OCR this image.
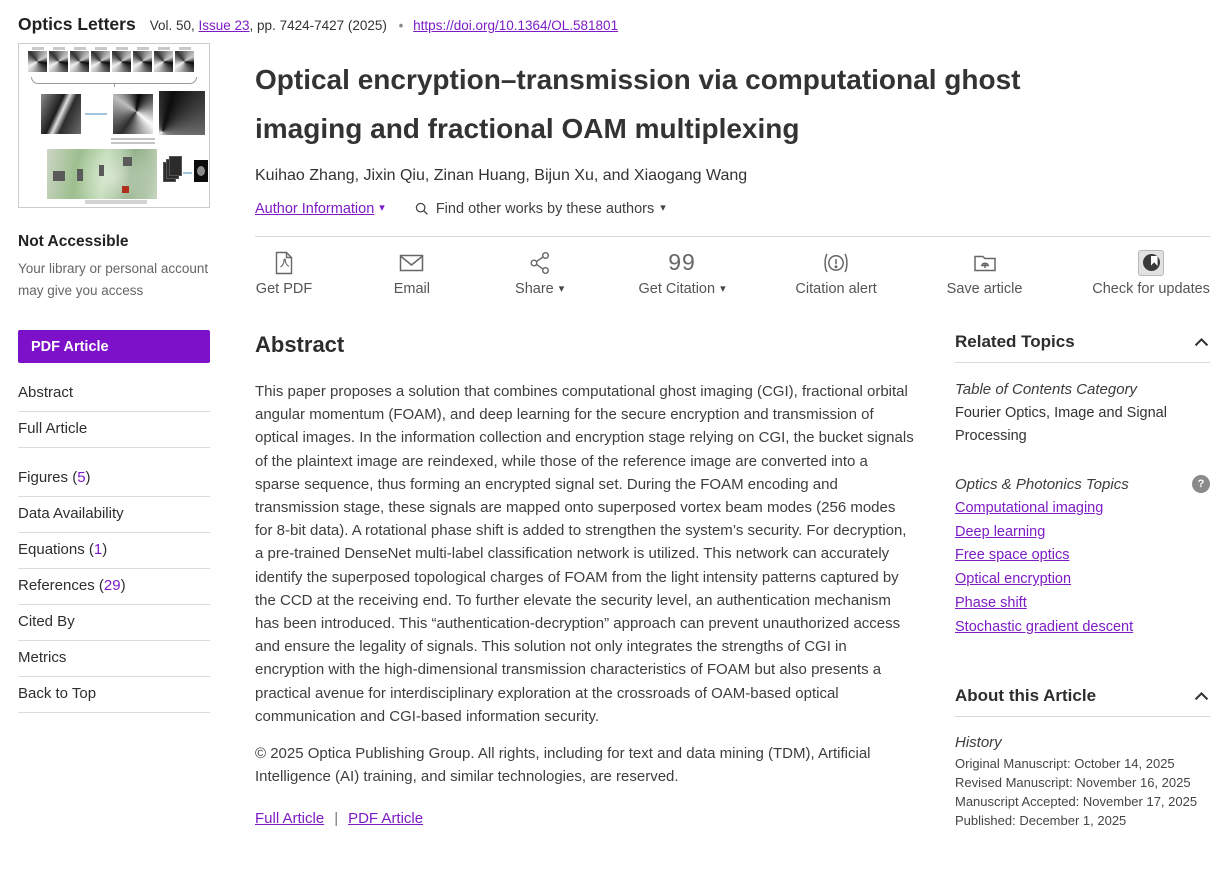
Optics Letters Vol. 50, Issue 23, pp. 7424-7427 (2025) • https://doi.org/10.1364/OL.581801
Not Accessible
Your library or personal account may give you access
PDF Article
Abstract
Full Article
Figures (5)
Data Availability
Equations (1)
References (29)
Cited By
Metrics
Back to Top
Optical encryption–transmission via computational ghost imaging and fractional OAM multiplexing
Kuihao Zhang, Jixin Qiu, Zinan Huang, Bijun Xu, and Xiaogang Wang
Author Information ▾	Find other works by these authors ▾
Get PDF	Email	Share ▾
99
Get Citation ▾	Citation alert	Save article	Check for updates
Abstract
This paper proposes a solution that combines computational ghost imaging (CGI), fractional orbital angular momentum (FOAM), and deep learning for the secure encryption and transmission of optical images. In the information collection and encryption stage relying on CGI, the bucket signals of the plaintext image are reindexed, while those of the reference image are converted into a sparse sequence, thus forming an encrypted signal set. During the FOAM encoding and transmission stage, these signals are mapped onto superposed vortex beam modes (256 modes for 8-bit data). A rotational phase shift is added to strengthen the system’s security. For decryption, a pre-trained DenseNet multi-label classification network is utilized. This network can accurately identify the superposed topological charges of FOAM from the light intensity patterns captured by the CCD at the receiving end. To further elevate the security level, an authentication mechanism has been introduced. This “authentication-decryption” approach can prevent unauthorized access and ensure the legality of signals. This solution not only integrates the strengths of CGI in encryption with the high-dimensional transmission characteristics of FOAM but also presents a practical avenue for interdisciplinary exploration at the crossroads of OAM-based optical communication and CGI-based information security.
© 2025 Optica Publishing Group. All rights, including for text and data mining (TDM), Artificial Intelligence (AI) training, and similar technologies, are reserved.
Full Article | PDF Article
Related Topics
Table of Contents Category
Fourier Optics, Image and Signal Processing
Optics & Photonics Topics	?
Computational imaging
Deep learning
Free space optics
Optical encryption
Phase shift
Stochastic gradient descent
About this Article
History
Original Manuscript: October 14, 2025
Revised Manuscript: November 16, 2025
Manuscript Accepted: November 17, 2025
Published: December 1, 2025
